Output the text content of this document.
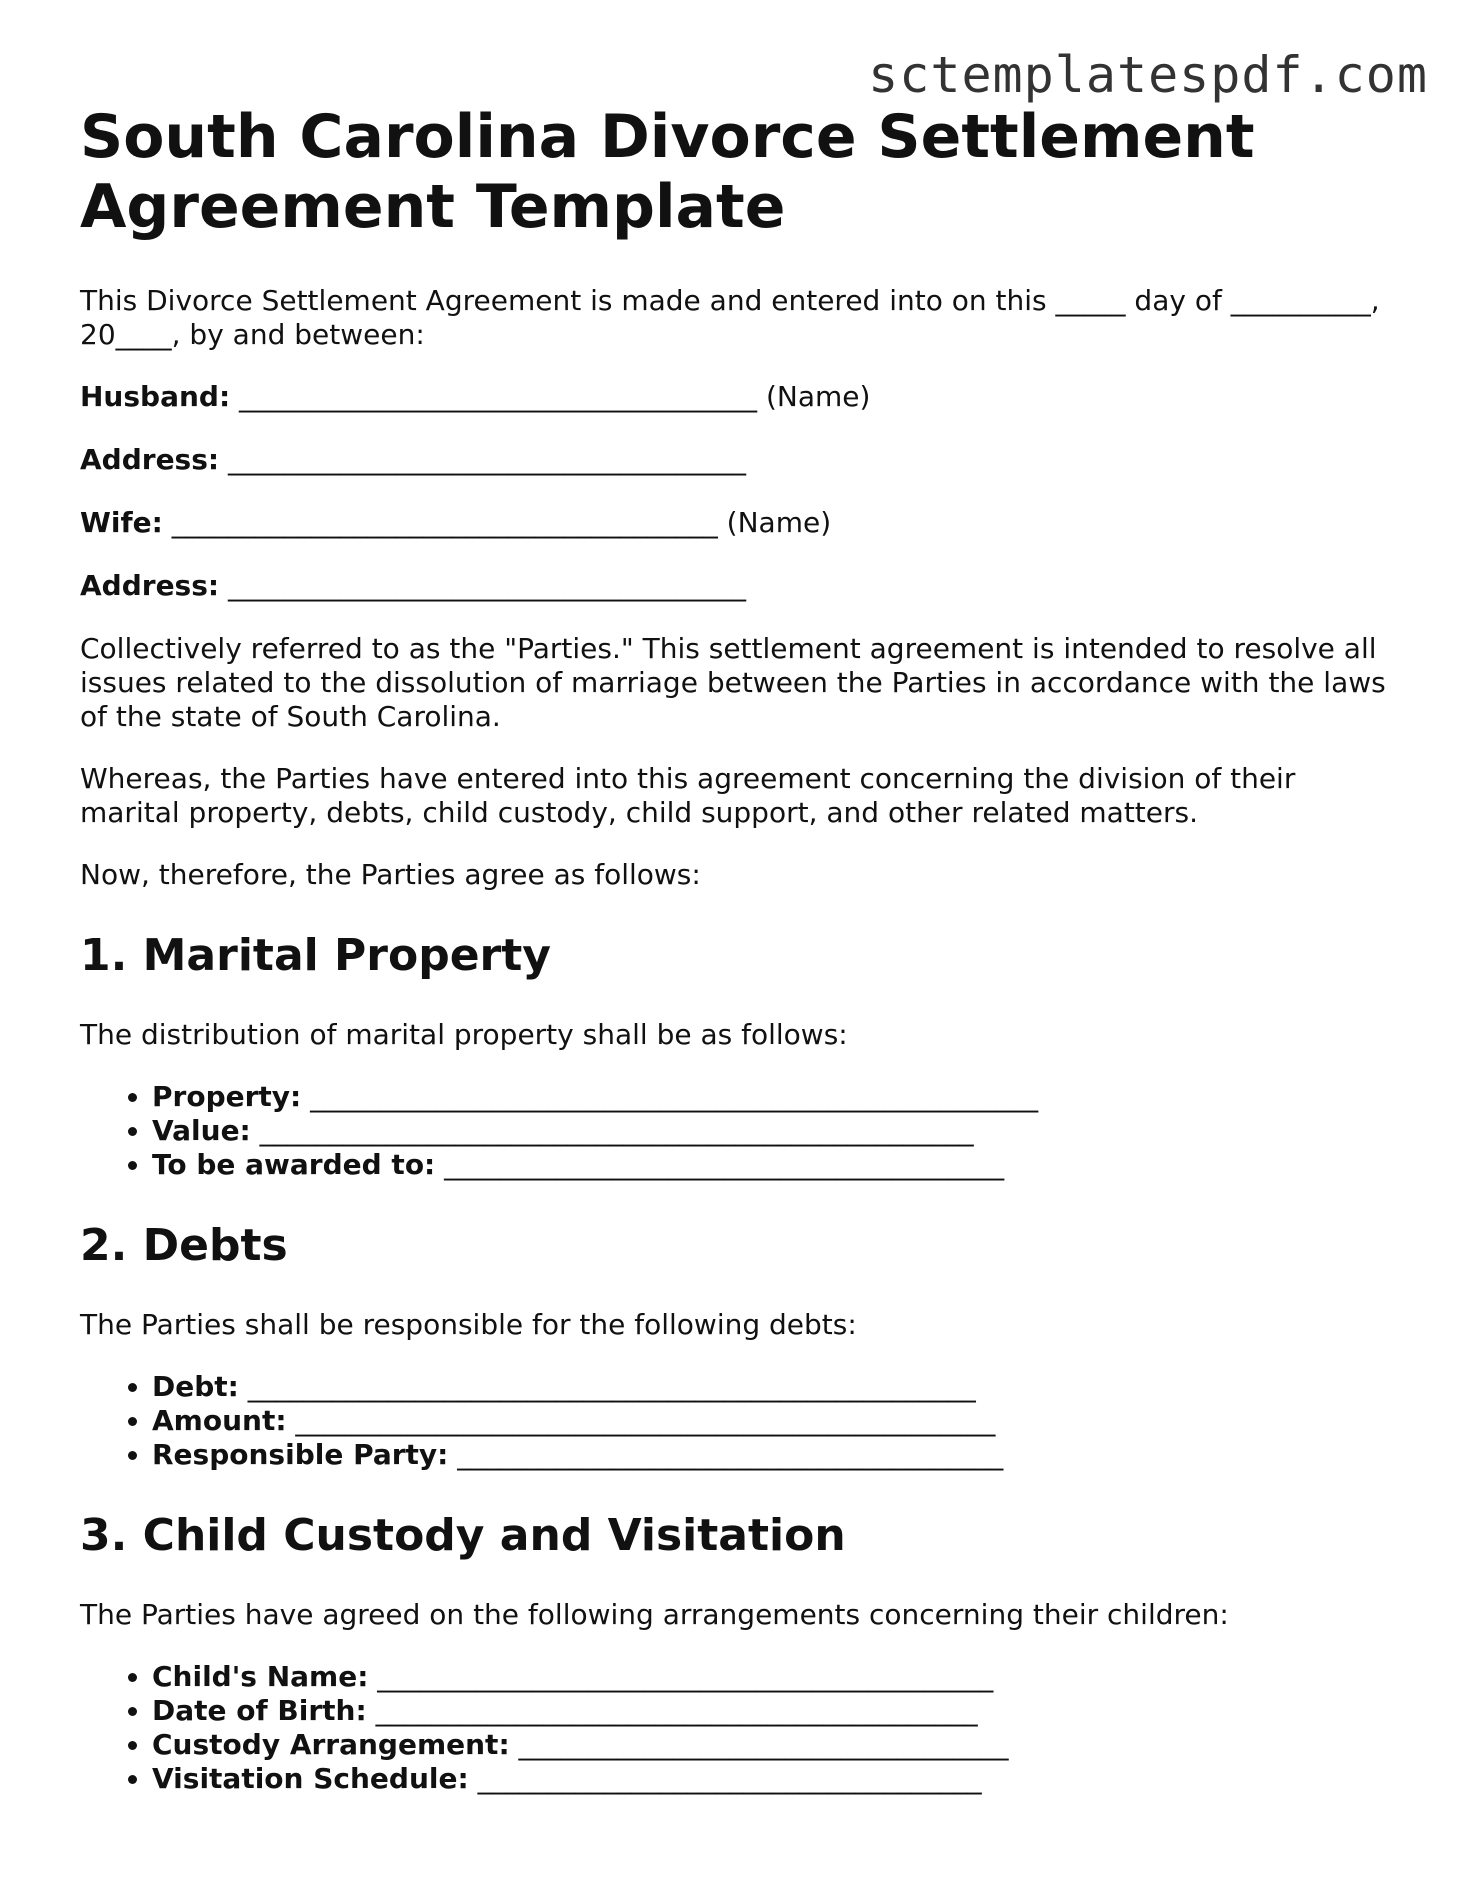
sctemplatespdf.com
South Carolina Divorce Settlement Agreement Template

This Divorce Settlement Agreement is made and entered into on this _____ day of __________, 20____, by and between:

Husband: _____________________________________ (Name)
Address: _____________________________________
Wife: _______________________________________ (Name)
Address: _____________________________________

Collectively referred to as the "Parties." This settlement agreement is intended to resolve all issues related to the dissolution of marriage between the Parties in accordance with the laws of the state of South Carolina.

Whereas, the Parties have entered into this agreement concerning the division of their marital property, debts, child custody, child support, and other related matters.

Now, therefore, the Parties agree as follows:

1. Marital Property

The distribution of marital property shall be as follows:

• Property: ____________________________________________________
• Value: ___________________________________________________
• To be awarded to: ________________________________________
2. Debts

The Parties shall be responsible for the following debts:

• Debt: ____________________________________________________
• Amount: __________________________________________________
• Responsible Party: _______________________________________
3. Child Custody and Visitation

The Parties have agreed on the following arrangements concerning their children:

• Child's Name: ____________________________________________
• Date of Birth: ___________________________________________
• Custody Arrangement: ___________________________________
• Visitation Schedule: ____________________________________
